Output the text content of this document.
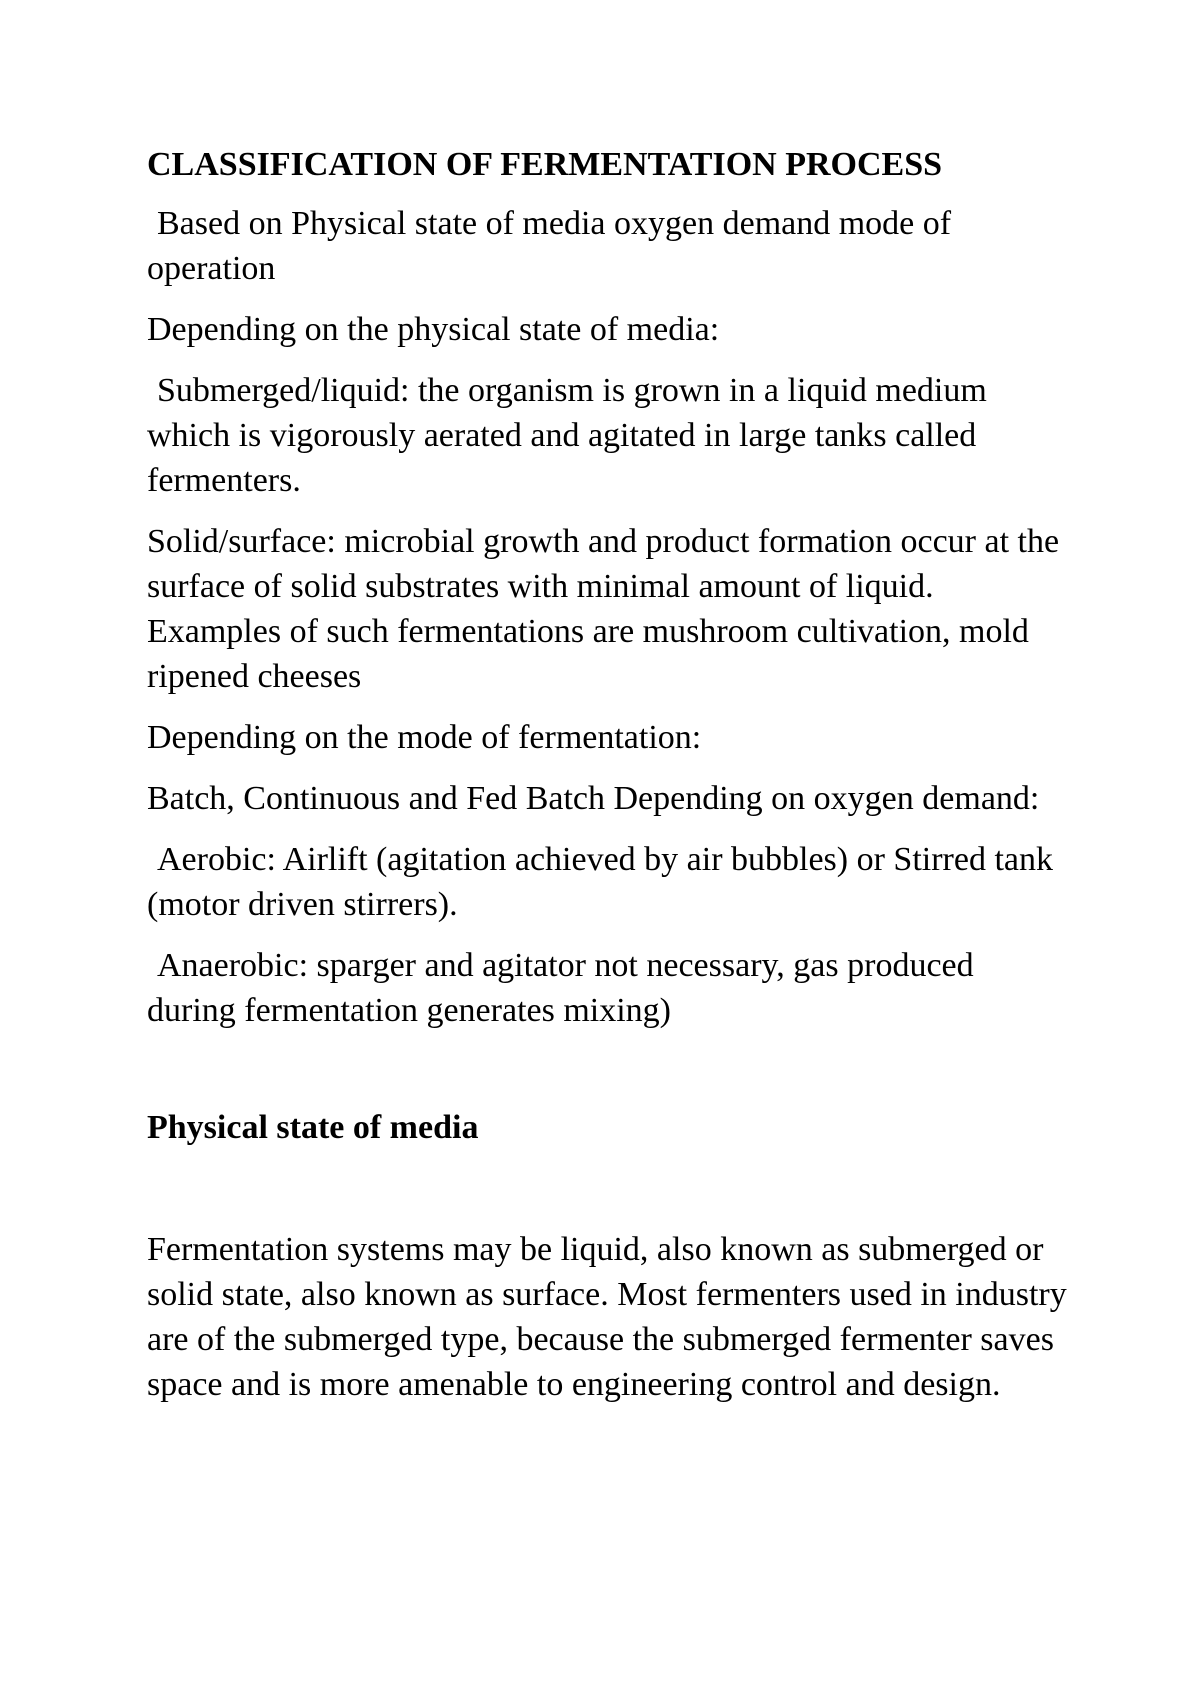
CLASSIFICATION OF FERMENTATION PROCESS

Based on Physical state of media oxygen demand mode of operation

Depending on the physical state of media:

Submerged/liquid: the organism is grown in a liquid medium which is vigorously aerated and agitated in large tanks called fermenters.

Solid/surface: microbial growth and product formation occur at the surface of solid substrates with minimal amount of liquid. Examples of such fermentations are mushroom cultivation, mold ripened cheeses

Depending on the mode of fermentation:

Batch, Continuous and Fed Batch Depending on oxygen demand:

Aerobic: Airlift (agitation achieved by air bubbles) or Stirred tank (motor driven stirrers).

Anaerobic: sparger and agitator not necessary, gas produced during fermentation generates mixing)

Physical state of media

Fermentation systems may be liquid, also known as submerged or solid state, also known as surface. Most fermenters used in industry are of the submerged type, because the submerged fermenter saves space and is more amenable to engineering control and design.
